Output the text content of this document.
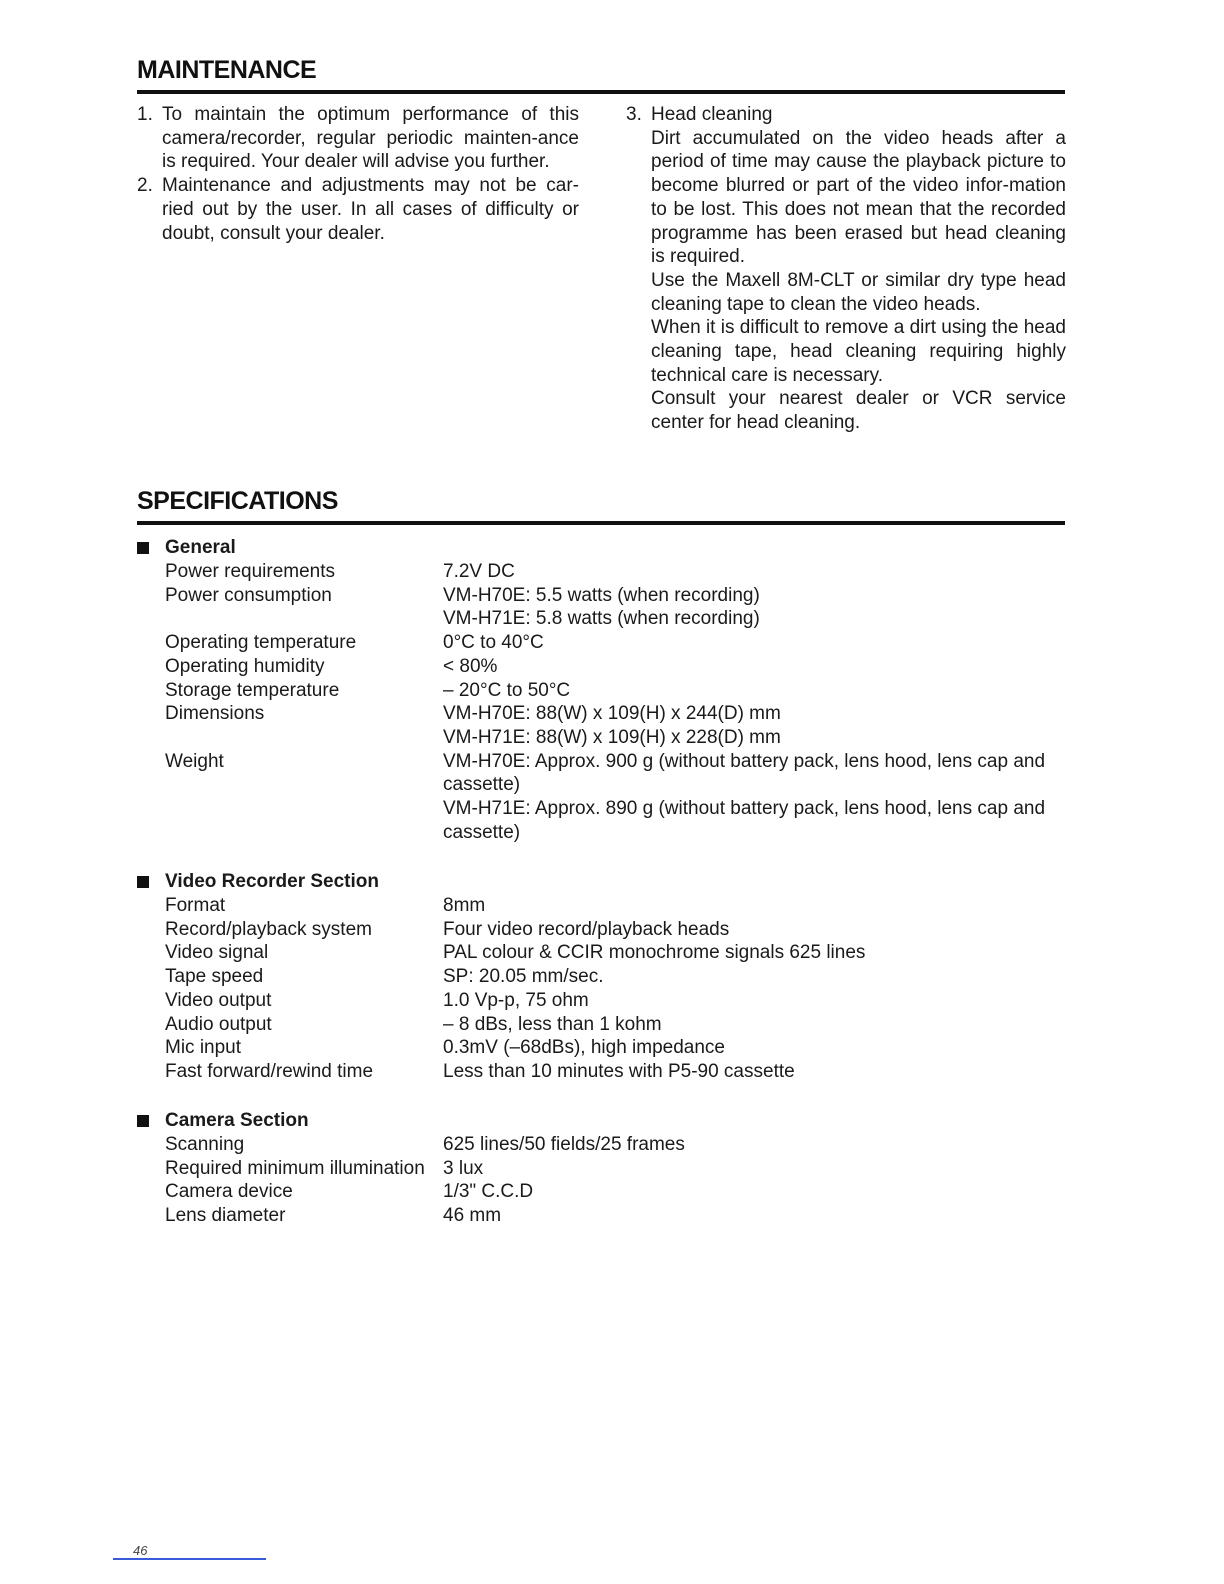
MAINTENANCE
1. To maintain the optimum performance of this camera/recorder, regular periodic mainten-ance is required. Your dealer will advise you further.
2. Maintenance and adjustments may not be car-ried out by the user. In all cases of difficulty or doubt, consult your dealer.
3. Head cleaning
Dirt accumulated on the video heads after a period of time may cause the playback picture to become blurred or part of the video infor-mation to be lost. This does not mean that the recorded programme has been erased but head cleaning is required.
Use the Maxell 8M-CLT or similar dry type head cleaning tape to clean the video heads.
When it is difficult to remove a dirt using the head cleaning tape, head cleaning requiring highly technical care is necessary.
Consult your nearest dealer or VCR service center for head cleaning.
SPECIFICATIONS
General
Power requirements	7.2V DC
Power consumption	VM-H70E: 5.5 watts (when recording)
VM-H71E: 5.8 watts (when recording)
Operating temperature	0°C to 40°C
Operating humidity	< 80%
Storage temperature	– 20°C to 50°C
Dimensions	VM-H70E: 88(W) x 109(H) x 244(D) mm
VM-H71E: 88(W) x 109(H) x 228(D) mm
Weight	VM-H70E: Approx. 900 g (without battery pack, lens hood, lens cap and cassette)
VM-H71E: Approx. 890 g (without battery pack, lens hood, lens cap and cassette)
Video Recorder Section
Format	8mm
Record/playback system	Four video record/playback heads
Video signal	PAL colour & CCIR monochrome signals 625 lines
Tape speed	SP: 20.05 mm/sec.
Video output	1.0 Vp-p, 75 ohm
Audio output	– 8 dBs, less than 1 kohm
Mic input	0.3mV (–68dBs), high impedance
Fast forward/rewind time	Less than 10 minutes with P5-90 cassette
Camera Section
Scanning	625 lines/50 fields/25 frames
Required minimum illumination 3 lux
Camera device	1/3" C.C.D
Lens diameter	46 mm
46
